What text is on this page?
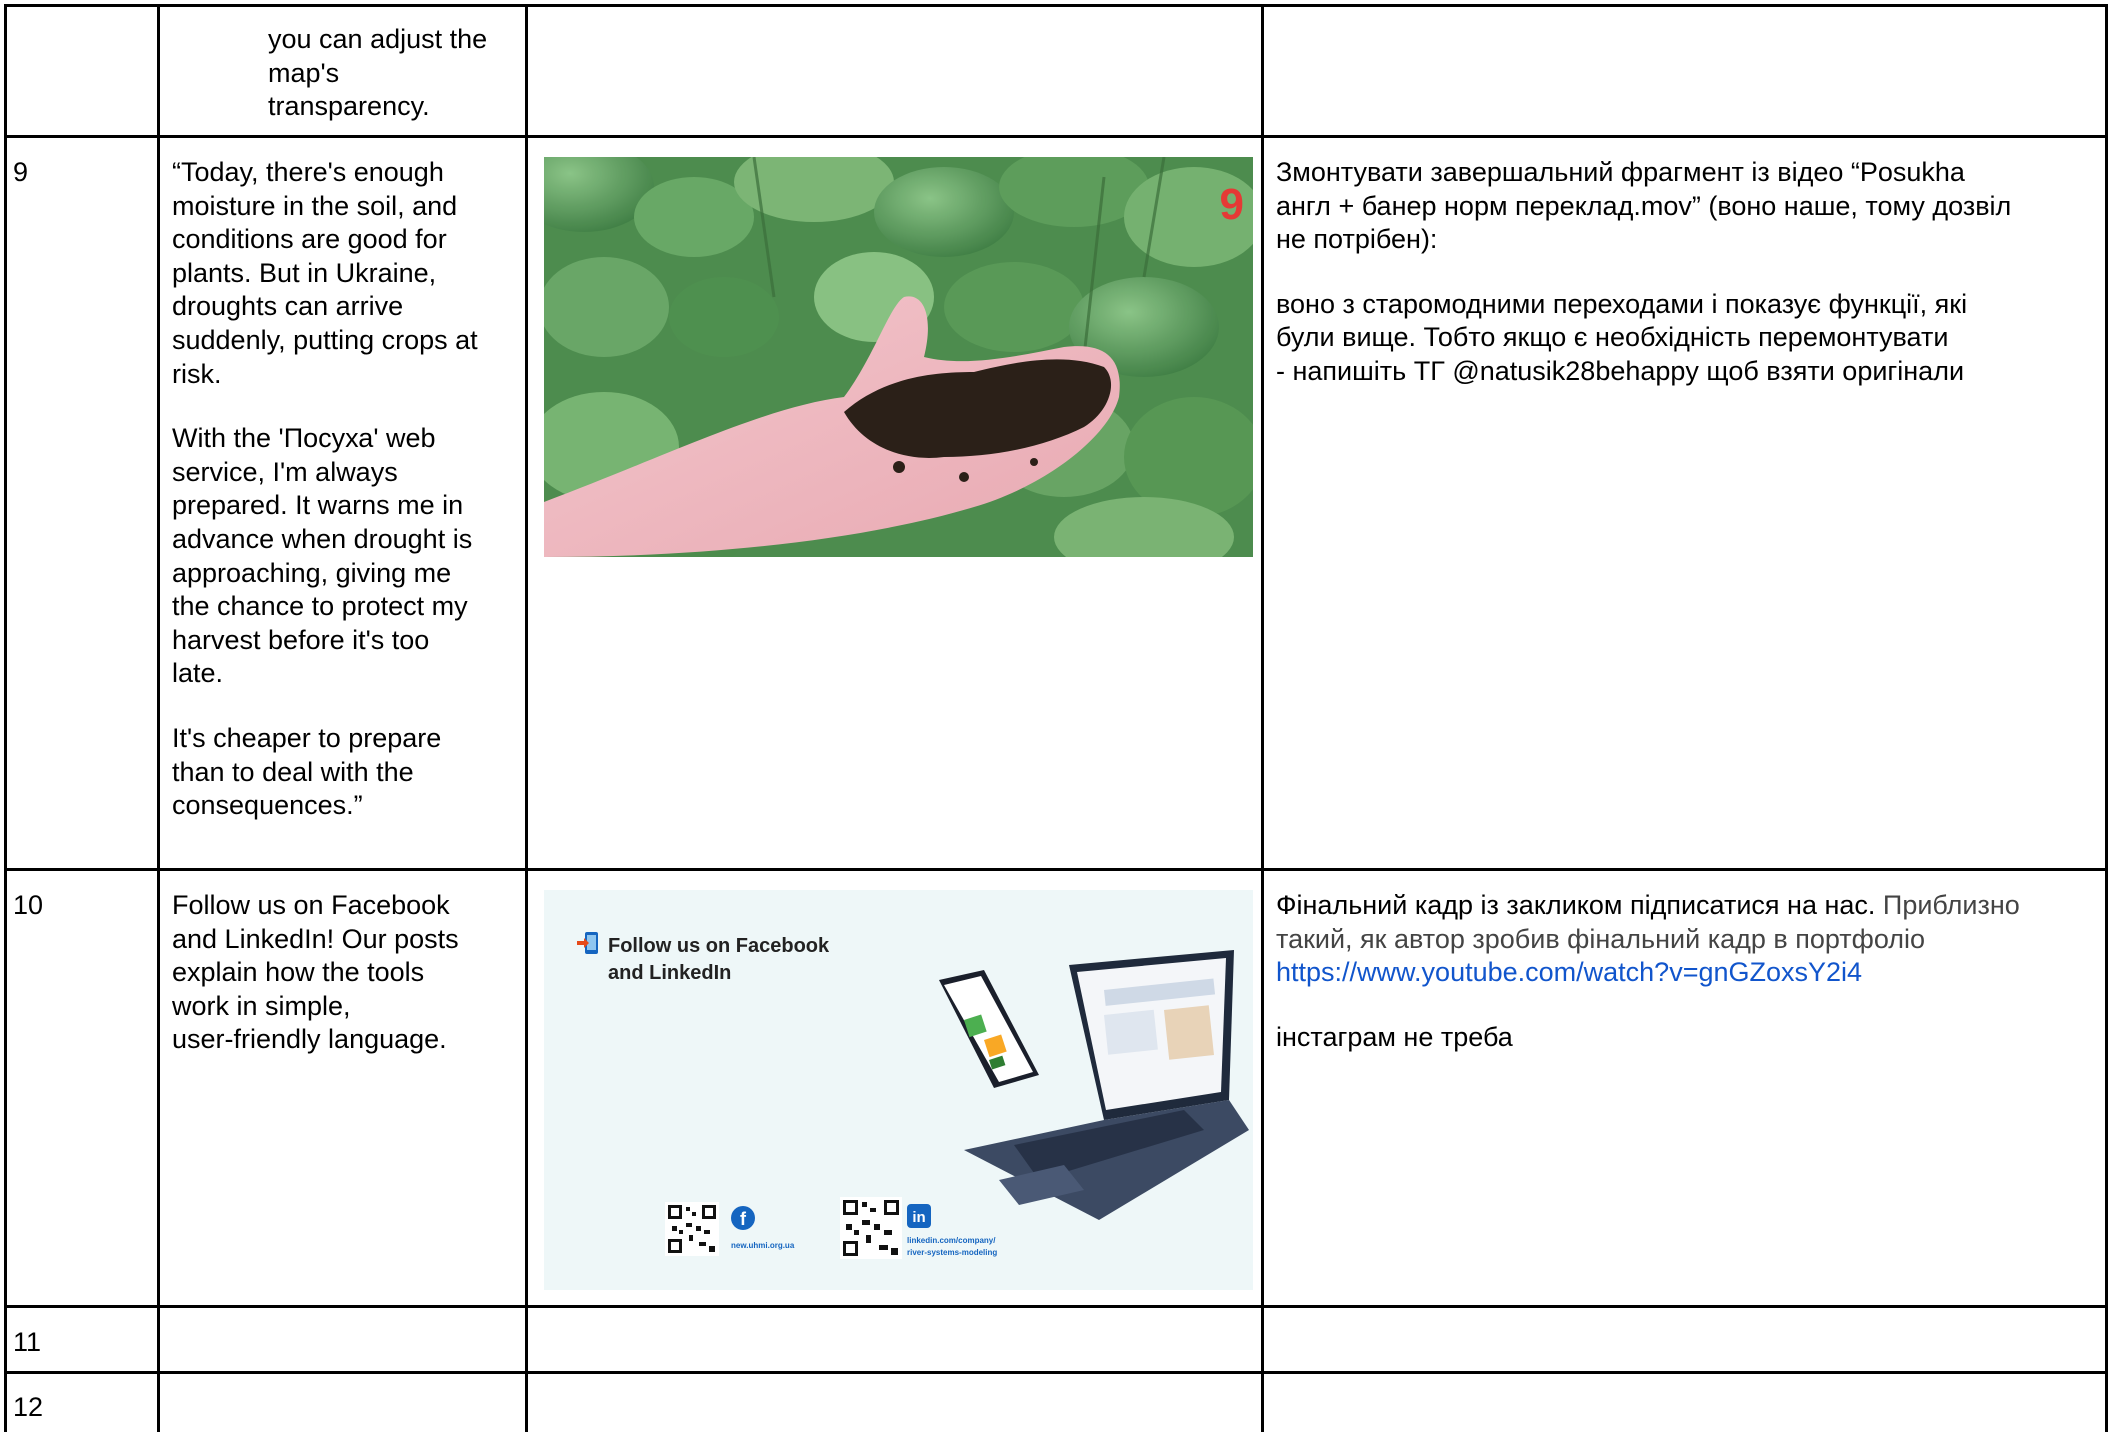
you can adjust the
map's
transparency.
9	“Today, there's enough
moisture in the soil, and
conditions are good for
plants. But in Ukraine,
droughts can arrive
suddenly, putting crops at
risk.
With the 'Посуха' web
service, I'm always
prepared. It warns me in
advance when drought is
approaching, giving me
the chance to protect my
harvest before it's too
late.
It's cheaper to prepare
than to deal with the
consequences.”
9
Змонтувати завершальний фрагмент із відео “Posukha
англ + банер норм переклад.mov” (воно наше, тому дозвіл
не потрібен):
воно з старомодними переходами і показує функції, які
були вище. Тобто якщо є необхідність перемонтувати
- напишіть ТГ @natusik28behappy щоб взяти оригінали
10	Follow us on Facebook
and LinkedIn! Our posts
explain how the tools
work in simple,
user-friendly language.
Follow us on Facebook
and LinkedIn
f
new.uhmi.org.ua
in
linkedin.com/company/
river-systems-modeling
Фінальний кадр із закликом підписатися на нас. Приблизно
такий, як автор зробив фінальний кадр в портфоліо
https://www.youtube.com/watch?v=gnGZoxsY2i4
інстаграм не треба
11
12
